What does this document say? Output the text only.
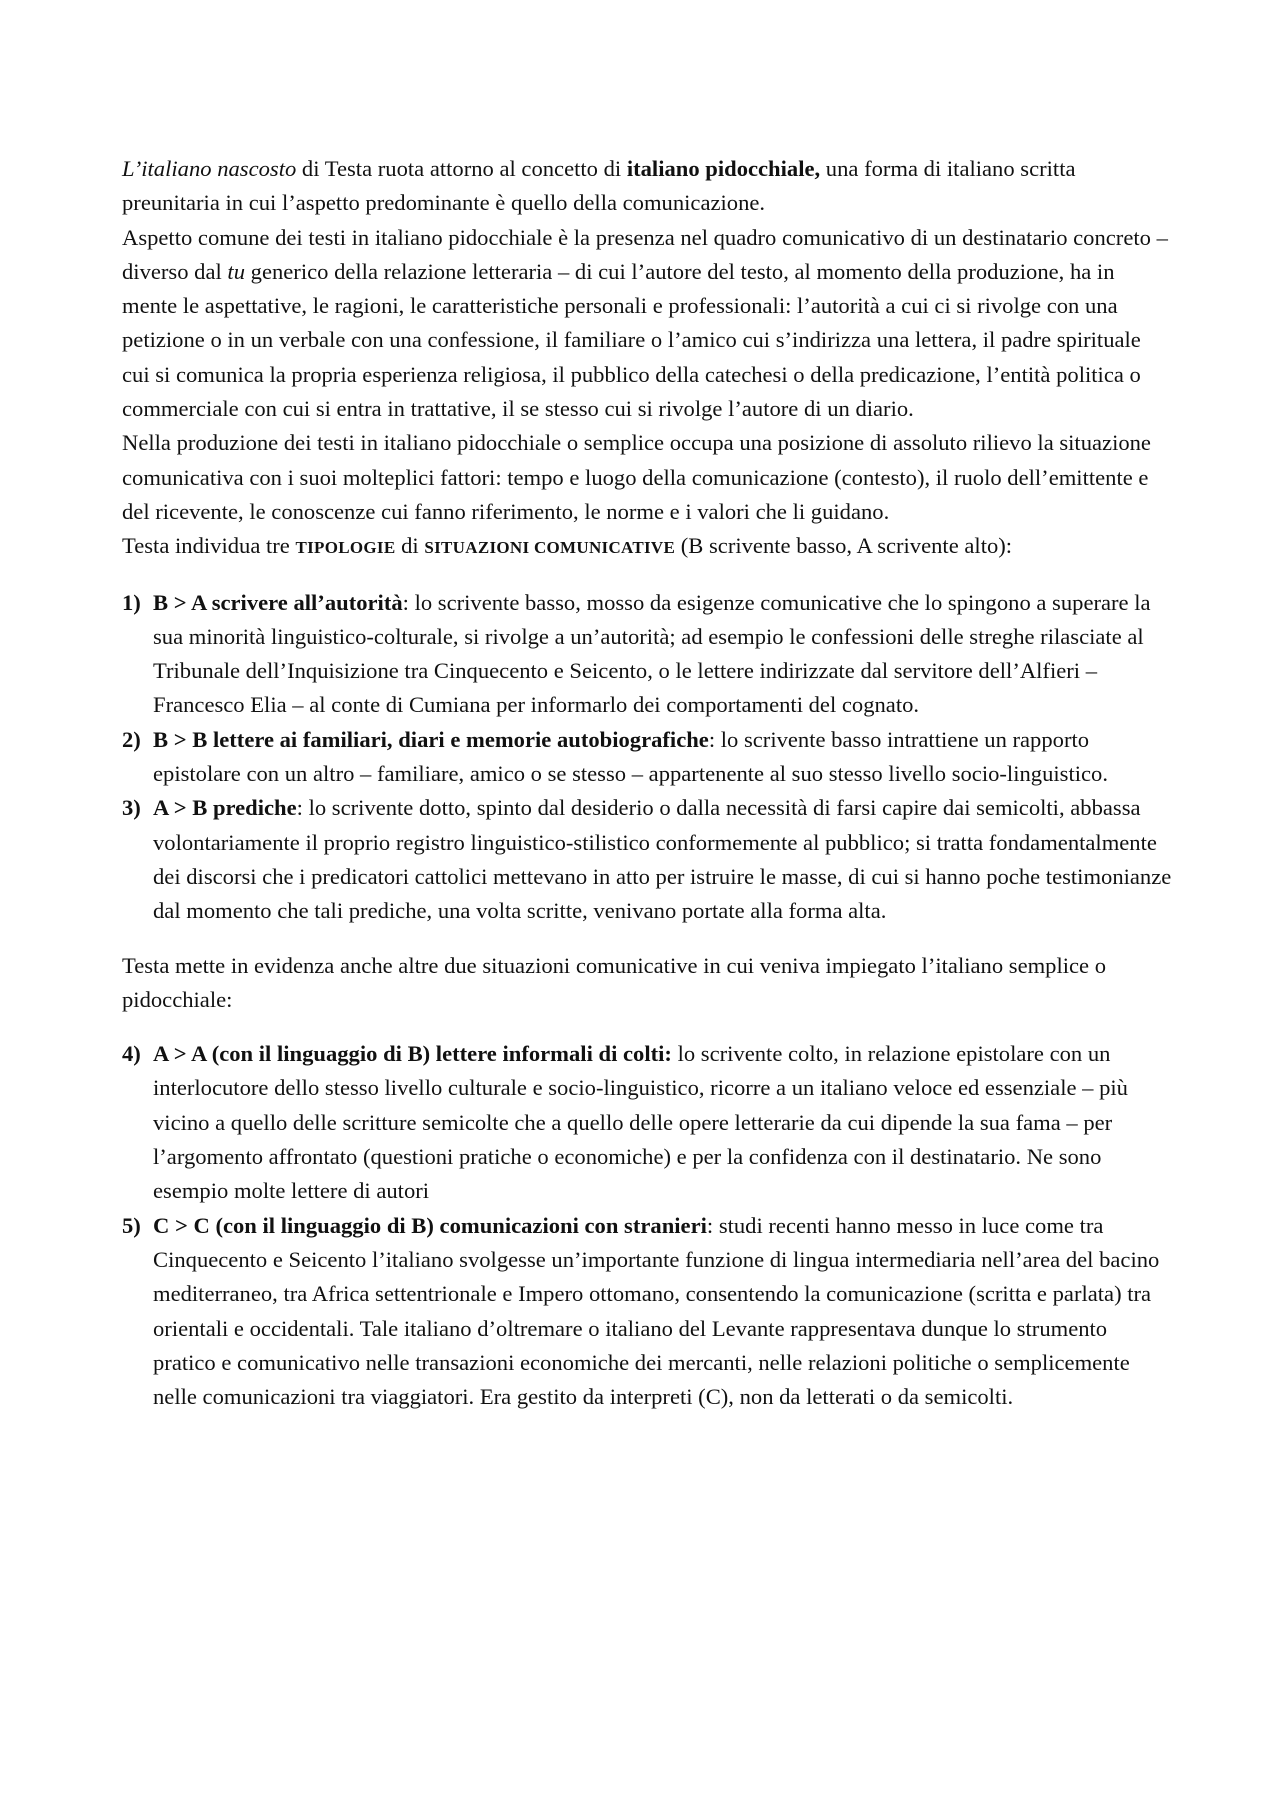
L’italiano nascosto di Testa ruota attorno al concetto di italiano pidocchiale, una forma di italiano scritta preunitaria in cui l’aspetto predominante è quello della comunicazione.

Aspetto comune dei testi in italiano pidocchiale è la presenza nel quadro comunicativo di un destinatario concreto – diverso dal tu generico della relazione letteraria – di cui l’autore del testo, al momento della produzione, ha in mente le aspettative, le ragioni, le caratteristiche personali e professionali: l’autorità a cui ci si rivolge con una petizione o in un verbale con una confessione, il familiare o l’amico cui s’indirizza una lettera, il padre spirituale cui si comunica la propria esperienza religiosa, il pubblico della catechesi o della predicazione, l’entità politica o commerciale con cui si entra in trattative, il se stesso cui si rivolge l’autore di un diario.

Nella produzione dei testi in italiano pidocchiale o semplice occupa una posizione di assoluto rilievo la situazione comunicativa con i suoi molteplici fattori: tempo e luogo della comunicazione (contesto), il ruolo dell’emittente e del ricevente, le conoscenze cui fanno riferimento, le norme e i valori che li guidano.

Testa individua tre TIPOLOGIE di SITUAZIONI COMUNICATIVE (B scrivente basso, A scrivente alto):

1) B > A scrivere all’autorità: lo scrivente basso, mosso da esigenze comunicative che lo spingono a superare la sua minorità linguistico-colturale, si rivolge a un’autorità; ad esempio le confessioni delle streghe rilasciate al Tribunale dell’Inquisizione tra Cinquecento e Seicento, o le lettere indirizzate dal servitore dell’Alfieri – Francesco Elia – al conte di Cumiana per informarlo dei comportamenti del cognato.
2) B > B lettere ai familiari, diari e memorie autobiografiche: lo scrivente basso intrattiene un rapporto epistolare con un altro – familiare, amico o se stesso – appartenente al suo stesso livello socio-linguistico.
3) A > B prediche: lo scrivente dotto, spinto dal desiderio o dalla necessità di farsi capire dai semicolti, abbassa volontariamente il proprio registro linguistico-stilistico conformemente al pubblico; si tratta fondamentalmente dei discorsi che i predicatori cattolici mettevano in atto per istruire le masse, di cui si hanno poche testimonianze dal momento che tali prediche, una volta scritte, venivano portate alla forma alta.

Testa mette in evidenza anche altre due situazioni comunicative in cui veniva impiegato l’italiano semplice o pidocchiale:

4) A > A (con il linguaggio di B) lettere informali di colti: lo scrivente colto, in relazione epistolare con un interlocutore dello stesso livello culturale e socio-linguistico, ricorre a un italiano veloce ed essenziale – più vicino a quello delle scritture semicolte che a quello delle opere letterarie da cui dipende la sua fama – per l’argomento affrontato (questioni pratiche o economiche) e per la confidenza con il destinatario. Ne sono esempio molte lettere di autori
5) C > C (con il linguaggio di B) comunicazioni con stranieri: studi recenti hanno messo in luce come tra Cinquecento e Seicento l’italiano svolgesse un’importante funzione di lingua intermediaria nell’area del bacino mediterraneo, tra Africa settentrionale e Impero ottomano, consentendo la comunicazione (scritta e parlata) tra orientali e occidentali. Tale italiano d’oltremare o italiano del Levante rappresentava dunque lo strumento pratico e comunicativo nelle transazioni economiche dei mercanti, nelle relazioni politiche o semplicemente nelle comunicazioni tra viaggiatori. Era gestito da interpreti (C), non da letterati o da semicolti.
